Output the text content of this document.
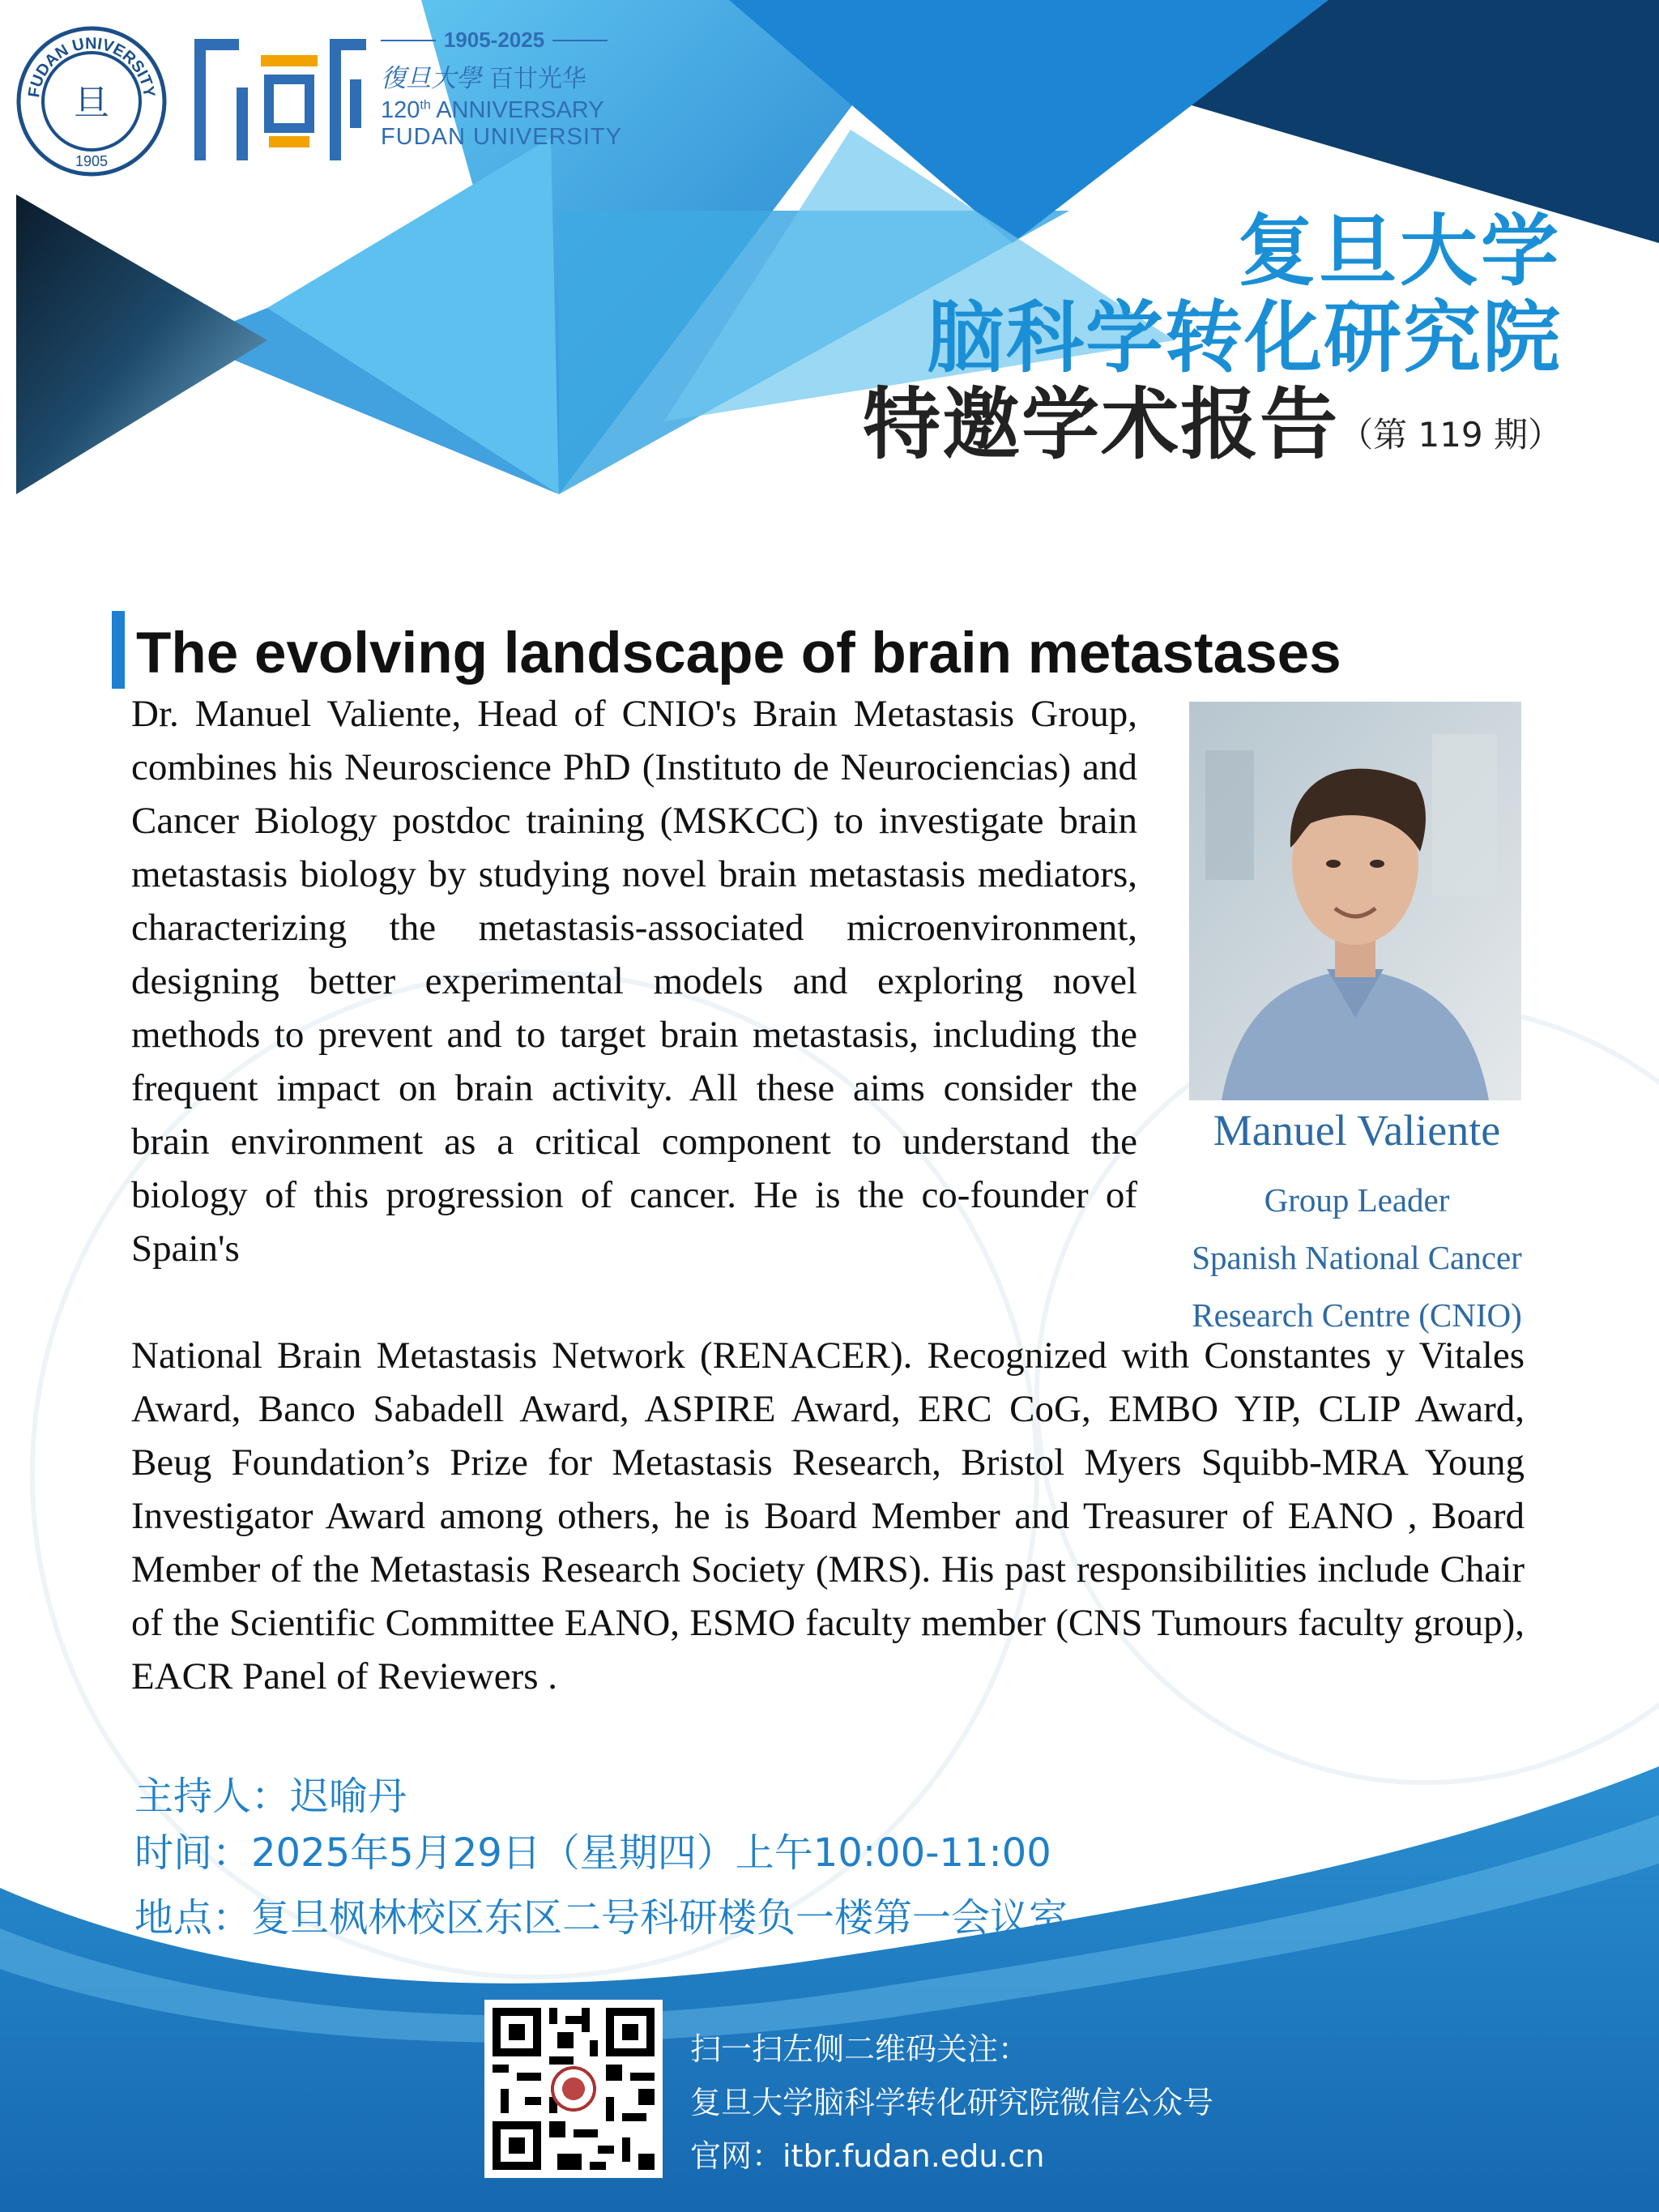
FUDAN UNIVERSITY
旦
1905
1905-2025
復旦大學 百廿光华
120th ANNIVERSARY
FUDAN UNIVERSITY
复旦大学
脑科学转化研究院
特邀学术报告（第 119 期）
The evolving landscape of brain metastases

Dr. Manuel Valiente, Head of CNIO's Brain Metastasis Group, combines his Neuroscience PhD (Instituto de Neurociencias) and Cancer Biology postdoc training (MSKCC) to investigate brain metastasis biology by studying novel brain metastasis mediators, characterizing the metastasis-associated microenvironment, designing better experimental models and exploring novel methods to prevent and to target brain metastasis, including the frequent impact on brain activity. All these aims consider the brain environment as a critical component to understand the biology of this progression of cancer. He is the co-founder of Spain's

National Brain Metastasis Network (RENACER). Recognized with Constantes y Vitales Award, Banco Sabadell Award, ASPIRE Award, ERC CoG, EMBO YIP, CLIP Award, Beug Foundation’s Prize for Metastasis Research, Bristol Myers Squibb-MRA Young Investigator Award among others, he is Board Member and Treasurer of EANO , Board Member of the Metastasis Research Society (MRS). His past responsibilities include Chair of the Scientific Committee EANO, ESMO faculty member (CNS Tumours faculty group), EACR Panel of Reviewers .

Manuel Valiente
Group Leader
Spanish National Cancer
Research Centre (CNIO)
主持人：迟喻丹
时间：2025年5月29日（星期四）上午10:00-11:00
地点：复旦枫林校区东区二号科研楼负一楼第一会议室
扫一扫左侧二维码关注：
复旦大学脑科学转化研究院微信公众号
官网：itbr.fudan.edu.cn
